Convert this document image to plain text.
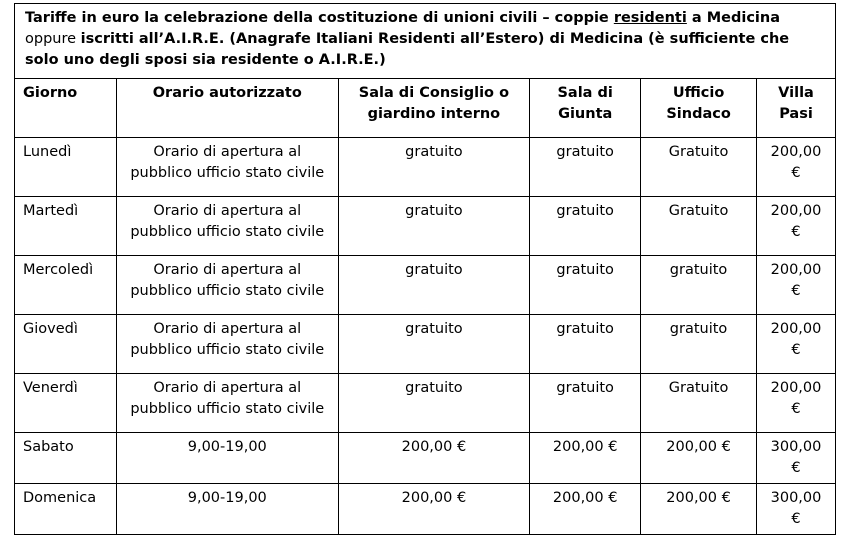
Tariffe in euro la celebrazione della costituzione di unioni civili – coppie residenti a Medicina
oppure iscritti all’A.I.R.E. (Anagrafe Italiani Residenti all’Estero) di Medicina (è sufficiente che solo uno degli sposi sia residente o A.I.R.E.)					
Giorno	Orario autorizzato	Sala di Consiglio o giardino interno	Sala di Giunta	Ufficio Sindaco	Villa Pasi
Lunedì	Orario di apertura al pubblico ufficio stato civile	gratuito	gratuito	Gratuito	200,00 €
Martedì	Orario di apertura al pubblico ufficio stato civile	gratuito	gratuito	Gratuito	200,00 €
Mercoledì	Orario di apertura al pubblico ufficio stato civile	gratuito	gratuito	gratuito	200,00 €
Giovedì	Orario di apertura al pubblico ufficio stato civile	gratuito	gratuito	gratuito	200,00 €
Venerdì	Orario di apertura al pubblico ufficio stato civile	gratuito	gratuito	Gratuito	200,00 €
Sabato	9,00-19,00	200,00 €	200,00 €	200,00 €	300,00 €
Domenica	9,00-19,00	200,00 €	200,00 €	200,00 €	300,00 €
